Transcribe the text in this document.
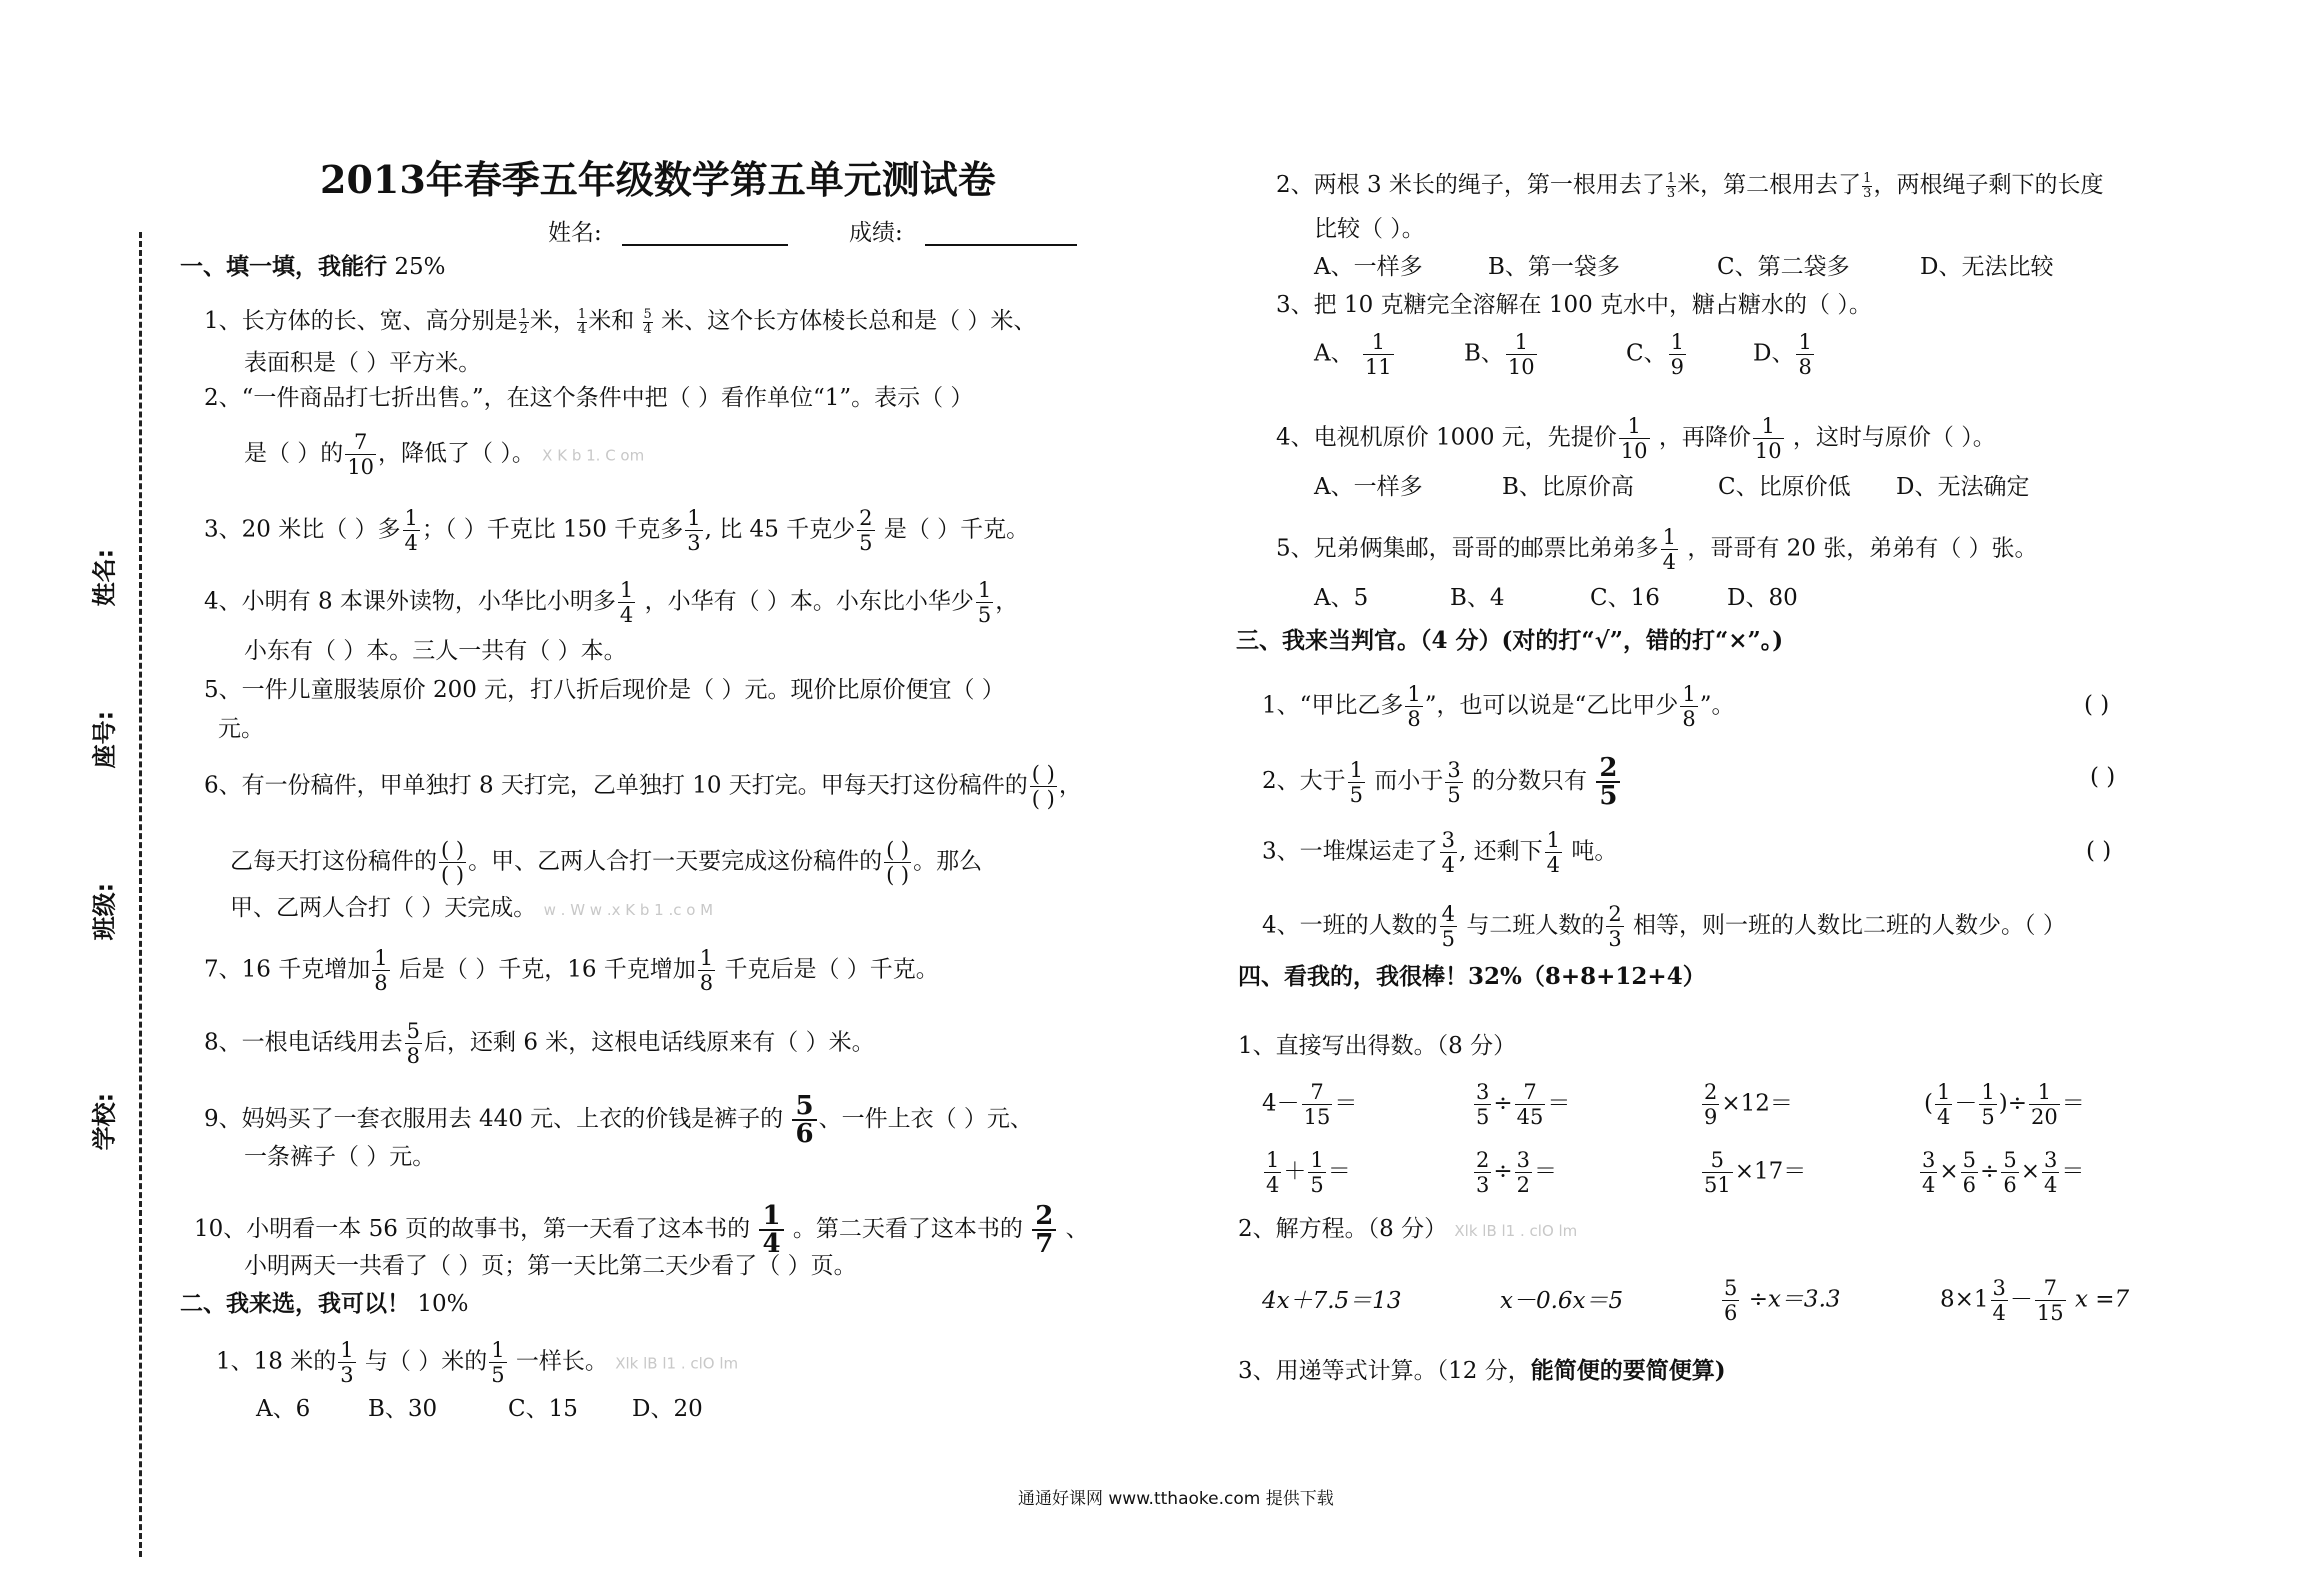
2013年春季五年级数学第五单元测试卷
姓名:	成绩:
姓名:
座号:
班级:
学校:
一、填一填，我能行 25%
1、长方体的长、宽、高分别是 $\frac{1}{2}$ 米， $\frac{1}{4}$ 米和 $\frac{5}{4}$ 米、这个长方体棱长总和是（ ）米、
表面积是（ ）平方米。
2、“一件商品打七折出售。”，在这个条件中把（ ）看作单位“1”。表示（ ）
是（ ）的 $\frac{7}{10}$ ，降低了（ ）。 X K b 1. C om
3、20 米比（ ）多 $\frac{1}{4}$ ；（ ）千克比 150 千克多 $\frac{1}{3}$ , 比 45 千克少 $\frac{2}{5}$ 是（ ）千克。
4、小明有 8 本课外读物，小华比小明多 $\frac{1}{4}$ ，小华有（ ）本。小东比小华少 $\frac{1}{5}$ ，
小东有（ ）本。三人一共有（ ）本。
5、一件儿童服装原价 200 元，打八折后现价是（ ）元。现价比原价便宜（ ）
元。
6、有一份稿件，甲单独打 8 天打完，乙单独打 10 天打完。甲每天打这份稿件的 ( )
( )
，
乙每天打这份稿件的 ( )
( )
。甲、乙两人合打一天要完成这份稿件的 ( )
( )
。那么
甲、乙两人合打（ ）天完成。 w . W w .x K b 1 .c o M
7、16 千克增加 $\frac{1}{8}$ 后是（ ）千克，16 千克增加 $\frac{1}{8}$ 千克后是（ ）千克。
8、一根电话线用去 $\frac{5}{8}$ 后，还剩 6 米，这根电话线原来有（ ）米。
9、妈妈买了一套衣服用去 440 元、上衣的价钱是裤子的 $\frac{5}{6}$ 、一件上衣（ ）元、
一条裤子（ ）元。
10、小明看一本 56 页的故事书，第一天看了这本书的 $\frac{1}{4}$ 。第二天看了这本书的 $\frac{2}{7}$ 、
小明两天一共看了（ ）页；第一天比第二天少看了（ ）页。
二、我来选，我可以！ 10%
1、18 米的 $\frac{1}{3}$ 与（ ）米的 $\frac{1}{5}$ 一样长。 Xlk lB l1 . clO lm
A、6	B、30	C、15 D、20
通通好课网 www.tthaoke.com 提供下载
2、两根 3 米长的绳子，第一根用去了 $\frac{1}{3}$ 米，第二根用去了 $\frac{1}{3}$ ，两根绳子剩下的长度
比较（ ）。
A、一样多	B、第一袋多	C、第二袋多	D、无法比较
3、把 10 克糖完全溶解在 100 克水中，糖占糖水的（ ）。
A、 $\frac{1}{11}$	B、 $\frac{1}{10}$	C、 $\frac{1}{9}$	D、 $\frac{1}{8}$
4、电视机原价 1000 元，先提价 $\frac{1}{10}$ ，再降价 $\frac{1}{10}$ ，这时与原价（ ）。
A、一样多	B、比原价高	C、比原价低 D、无法确定
5、兄弟俩集邮，哥哥的邮票比弟弟多 $\frac{1}{4}$ ，哥哥有 20 张，弟弟有（ ）张。
A、5	B、4	C、16	D、80
三、我来当判官。（4 分）(对的打“√”，错的打“×”。)
1、“甲比乙多 $\frac{1}{8}$ ”，也可以说是“乙比甲少 $\frac{1}{8}$ ”。	( )
2、大于 $\frac{1}{5}$ 而小于 $\frac{3}{5}$ 的分数只有 $\frac{2}{5}$	( )
3、一堆煤运走了 $\frac{3}{4}$ , 还剩下 $\frac{1}{4}$ 吨。	( )
4、一班的人数的 $\frac{4}{5}$ 与二班人数的 $\frac{2}{3}$ 相等，则一班的人数比二班的人数少。（ ）
四、看我的，我很棒！32%（8+8+12+4）
1、直接写出得数。（8 分）
$4- \frac{7}{15}$ ＝	$\frac{3}{5} \div \frac{7}{45}$ ＝	$\frac{2}{9} \times 12=$	( $\frac{1}{4} - \frac{1}{5}$ )÷ $\frac{1}{20}$ ＝
$\frac{1}{4} + \frac{1}{5}$ ＝	$\frac{2}{3} \div \frac{3}{2}$ ＝	$\frac{5}{51} \times 17=$	$\frac{3}{4} \times \frac{5}{6} \div \frac{5}{6} \times \frac{3}{4}$ ＝
2、解方程。（8 分） Xlk lB l1 . clO lm
4x＋7.5＝13	x－0.6x＝5	$\frac{5}{6} \div x=3.3$	$8\times 1 \frac{3}{4} - \frac{7}{15}$ x =7
3、用递等式计算。（12 分，能简便的要简便算)
